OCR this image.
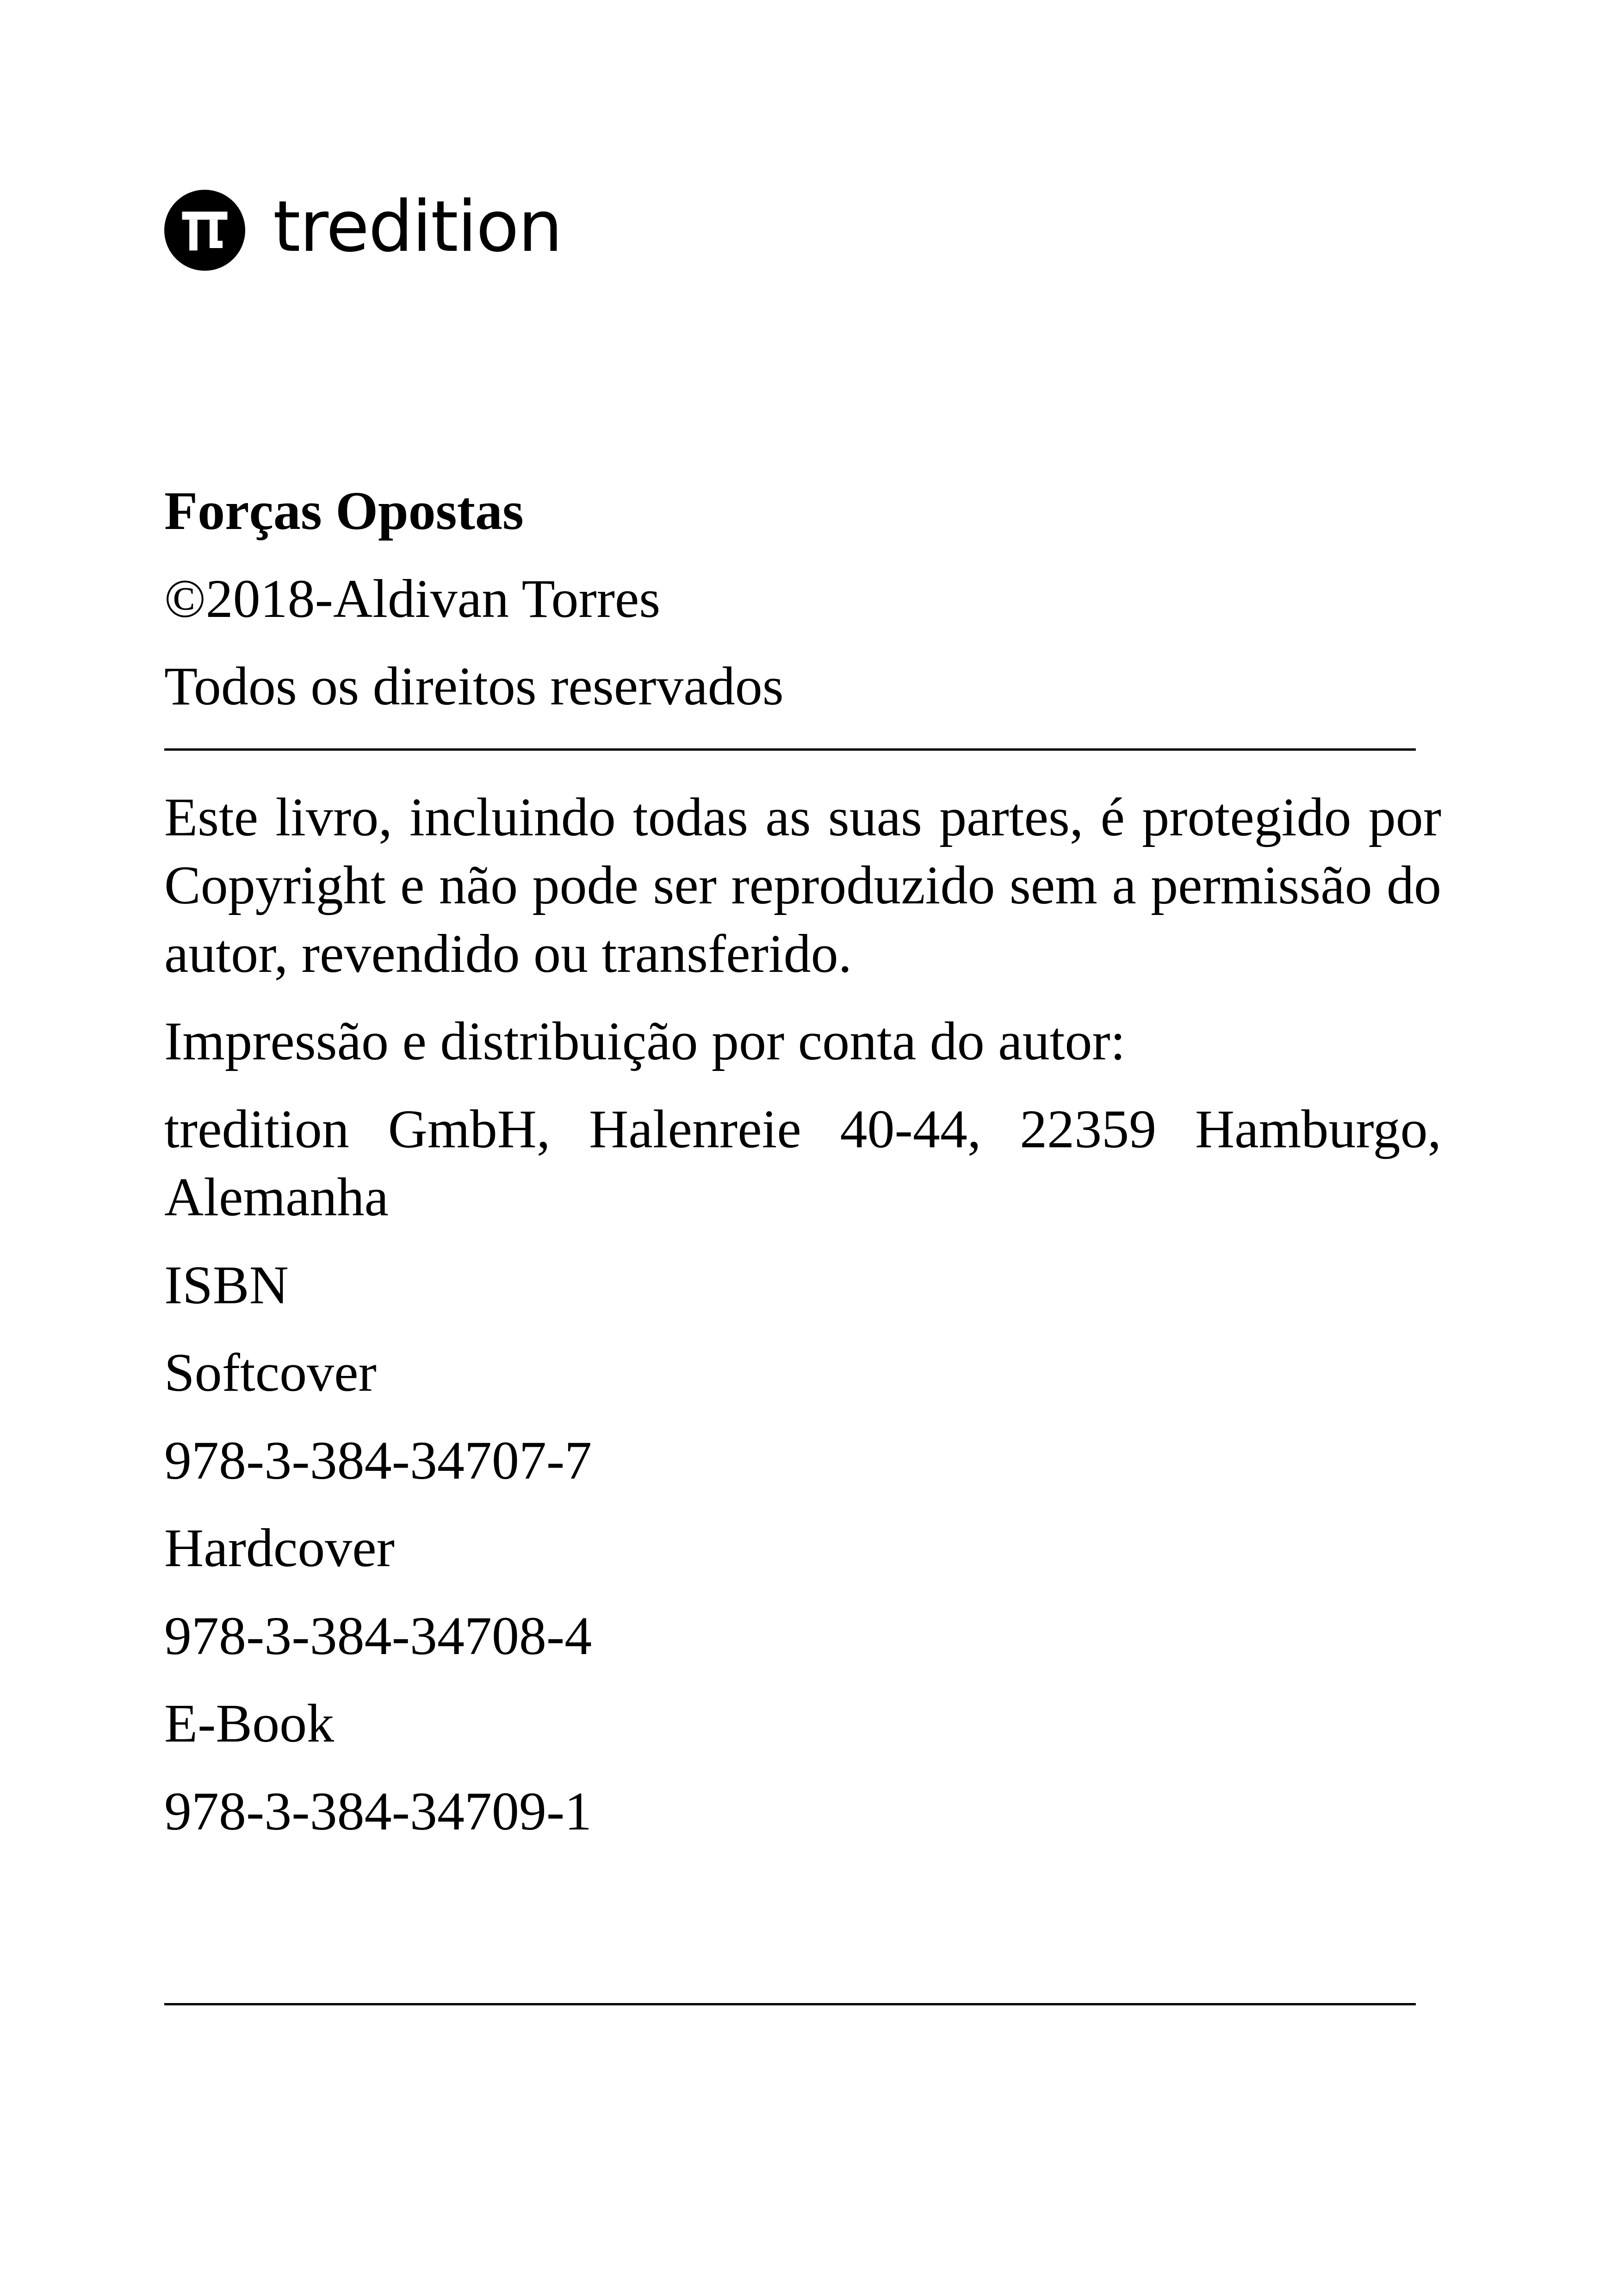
tredition

Forças Opostas

©2018-Aldivan Torres

Todos os direitos reservados

Este livro, incluindo todas as suas partes, é protegido por Copyright e não pode ser reproduzido sem a permissão do autor, revendido ou transferido.

Impressão e distribuição por conta do autor:

tredition GmbH, Halenreie 40-44, 22359 Hamburgo, Alemanha

ISBN

Softcover

978-3-384-34707-7

Hardcover

978-3-384-34708-4

E-Book

978-3-384-34709-1
